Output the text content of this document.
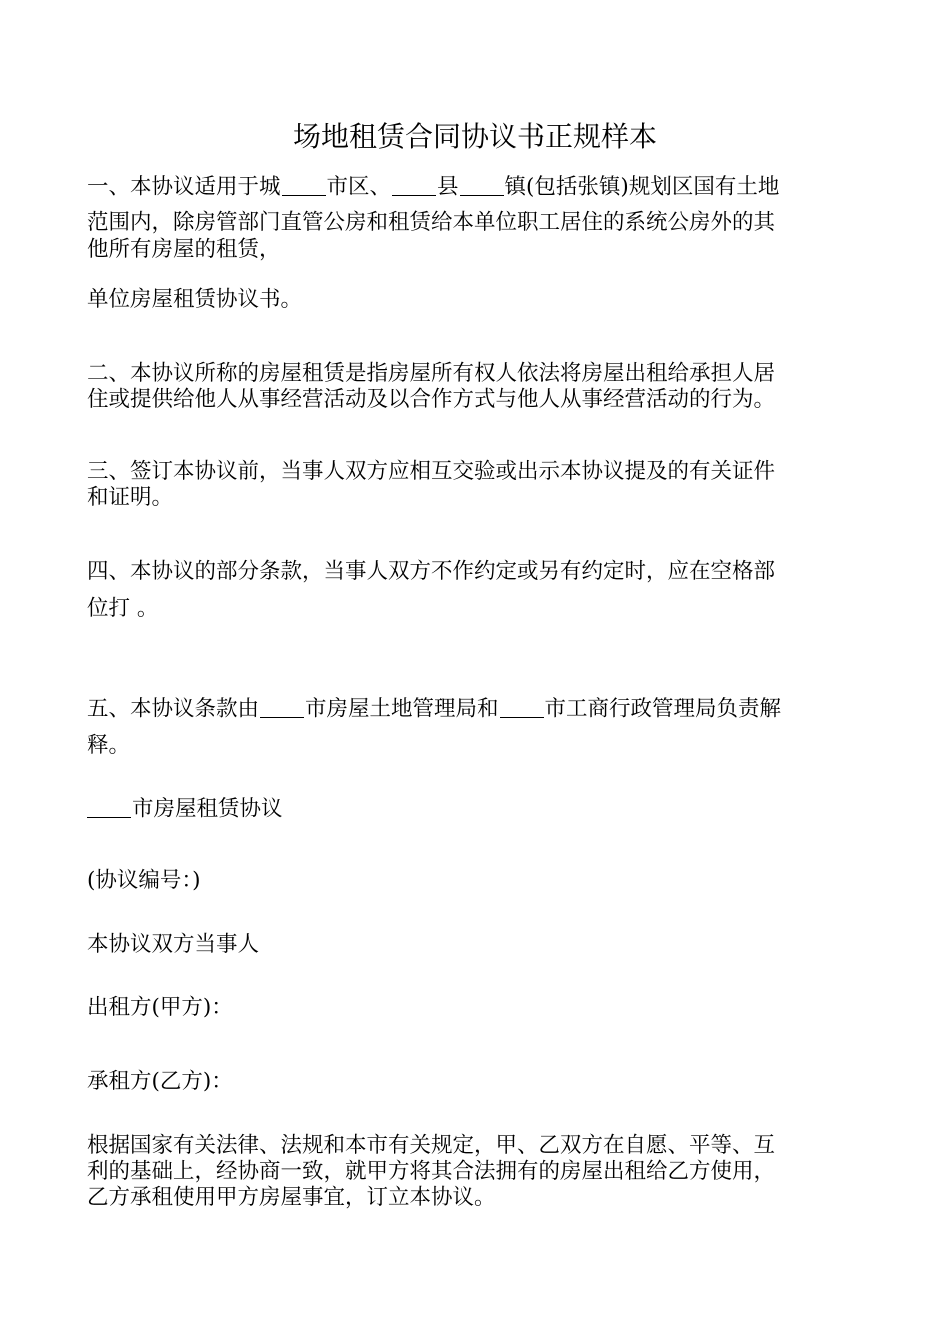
场地租赁合同协议书正规样本
一、本协议适用于城 市区、 县 镇(包括张镇)规划区国有土地
范围内，除房管部门直管公房和租赁给本单位职工居住的系统公房外的其
他所有房屋的租赁，
单位房屋租赁协议书。
二、本协议所称的房屋租赁是指房屋所有权人依法将房屋出租给承担人居
住或提供给他人从事经营活动及以合作方式与他人从事经营活动的行为。
三、签订本协议前，当事人双方应相互交验或出示本协议提及的有关证件
和证明。
四、本协议的部分条款，当事人双方不作约定或另有约定时，应在空格部
位打 。
五、本协议条款由 市房屋土地管理局和 市工商行政管理局负责解
释。
市房屋租赁协议
(协议编号：)
本协议双方当事人
出租方(甲方)：
承租方(乙方)：
根据国家有关法律、法规和本市有关规定，甲、乙双方在自愿、平等、互
利的基础上，经协商一致，就甲方将其合法拥有的房屋出租给乙方使用，
乙方承租使用甲方房屋事宜，订立本协议。
